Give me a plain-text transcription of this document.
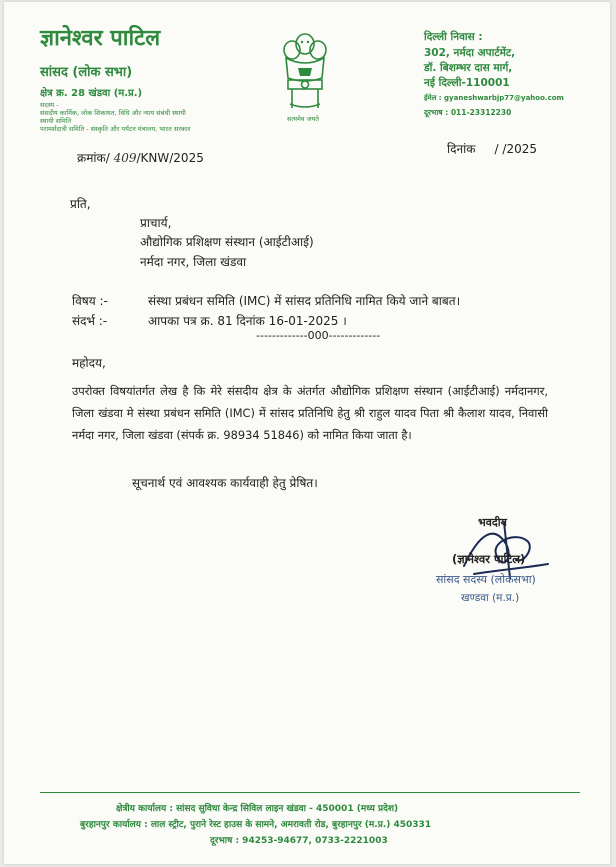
ज्ञानेश्वर पाटिल
सांसद (लोक सभा)
क्षेत्र क्र. 28 खंडवा (म.प्र.)
सदस्य -
संसदीय कार्मिक, लोक शिकायत, विधि और न्याय संबंधी स्थायी
स्थायी समिति
परामर्शदात्री समिति - संस्कृति और पर्यटन मंत्रालय, भारत सरकार
सत्यमेव जयते
दिल्ली निवास :
302, नर्मदा अपार्टमेंट,
डॉ. बिशम्भर दास मार्ग,
नई दिल्ली-110001
ईमेल : gyaneshwarbjp77@yahoo.com
दूरभाष : 011-23312230
क्रमांक/ 409/KNW/2025
दिनांक / /2025
प्रति,
प्राचार्य,
औद्योगिक प्रशिक्षण संस्थान (आईटीआई)
नर्मदा नगर, जिला खंडवा
विषय :-	संस्था प्रबंधन समिति (IMC) में सांसद प्रतिनिधि नामित किये जाने बाबत।
संदर्भ :-	आपका पत्र क्र. 81 दिनांक 16-01-2025 ।
-------------000-------------
महोदय,
उपरोक्त विषयांतर्गत लेख है कि मेरे संसदीय क्षेत्र के अंतर्गत औद्योगिक प्रशिक्षण संस्थान (आईटीआई) नर्मदानगर, जिला खंडवा मे संस्था प्रबंधन समिति (IMC) में सांसद प्रतिनिधि हेतु श्री राहुल यादव पिता श्री कैलाश यादव, निवासी नर्मदा नगर, जिला खंडवा (संपर्क क्र. 98934 51846) को नामित किया जाता है।
सूचनार्थ एवं आवश्यक कार्यवाही हेतु प्रेषित।
भवदीय
(ज्ञानेश्वर पाटिल)
सांसद सदस्य (लोकसभा)
खण्डवा (म.प्र.)
क्षेत्रीय कार्यालय : सांसद सुविधा केन्द्र सिविल लाइन खंडवा - 450001 (मध्य प्रदेश)
बुरहानपुर कार्यालय : लाल स्ट्रीट, पुराने रेस्ट हाउस के सामने, अमरावती रोड, बुरहानपुर (म.प्र.) 450331
दूरभाष : 94253-94677, 0733-2221003
